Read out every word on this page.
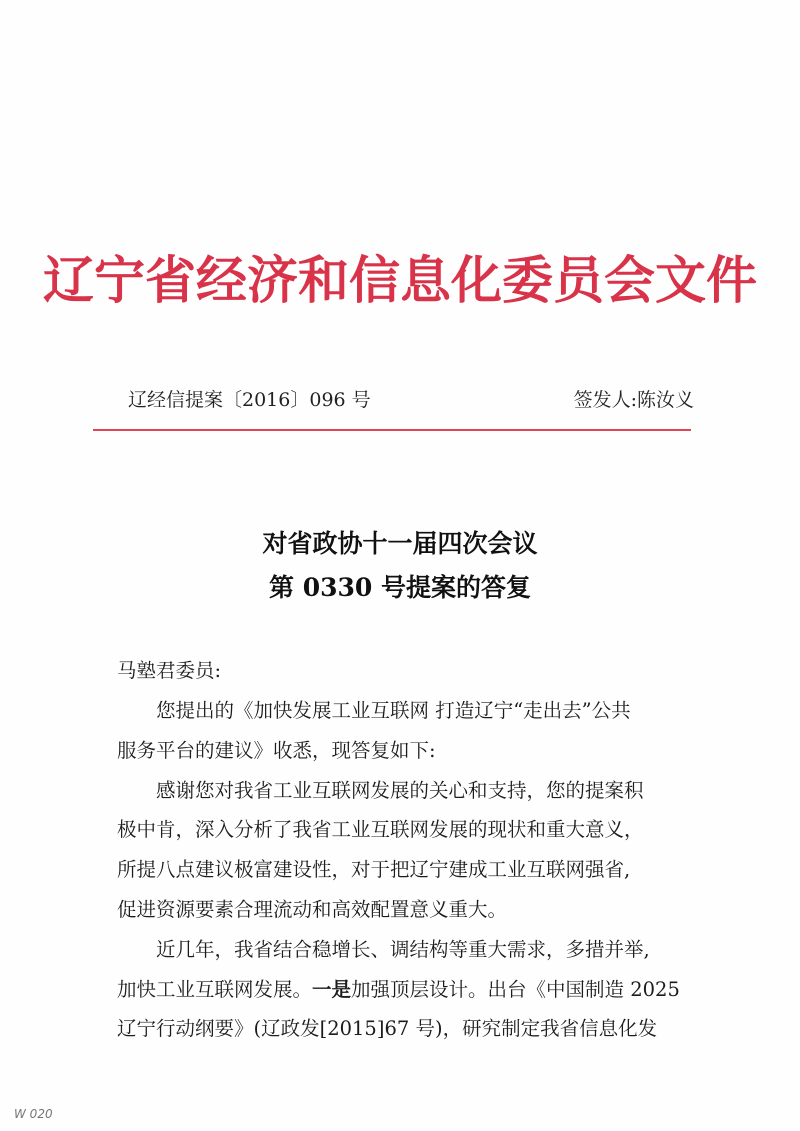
辽宁省经济和信息化委员会文件
辽经信提案〔2016〕096 号	签发人:陈汝义
对省政协十一届四次会议
第 0330 号提案的答复
马塾君委员:
您提出的《加快发展工业互联网 打造辽宁“走出去”公共
服务平台的建议》收悉，现答复如下:
感谢您对我省工业互联网发展的关心和支持，您的提案积
极中肯，深入分析了我省工业互联网发展的现状和重大意义，
所提八点建议极富建设性，对于把辽宁建成工业互联网强省,
促进资源要素合理流动和高效配置意义重大。
近几年，我省结合稳增长、调结构等重大需求，多措并举,
加快工业互联网发展。一是加强顶层设计。出台《中国制造 2025
辽宁行动纲要》(辽政发[2015]67 号)，研究制定我省信息化发
W 020
